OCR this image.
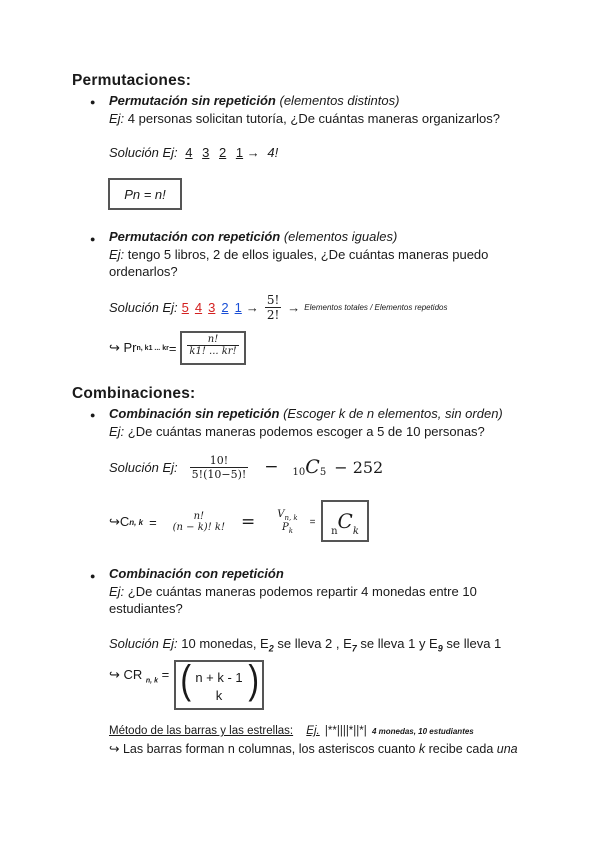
Permutaciones:
● Permutación sin repetición (elementos distintos)
Ej: 4 personas solicitan tutoría, ¿De cuántas maneras organizarlos?
Solución Ej: 4 3 2 1 → 4!
Pn = n!
● Permutación con repetición (elementos iguales)
Ej: tengo 5 libros, 2 de ellos iguales, ¿De cuántas maneras puedo
ordenarlos?
Solución Ej: 5 4 3 2 $1 \to \frac{5!}{2!}$ → Elementos totales / Elementos repetidos
↪ Pr n, k1 ... kr = $\frac{n!}{k1! ... kr!}$
Combinaciones:
● Combinación sin repetición (Escoger k de n elementos, sin orden)
Ej: ¿De cuántas maneras podemos escoger a 5 de 10 personas?
Solución Ej: $\frac{10!}{5!(10-5)!} - 10$ C 5 − 252
↪C n, k =	n!
(n − k)! k! = $V_{n, k}$
$P_k$
=
$_nC_k$
● Combinación con repetición
Ej: ¿De cuántas maneras podemos repartir 4 monedas entre 10
estudiantes?
Solución Ej: 10 monedas, $E_2$ se lleva 2 , $E_7$ se lleva 1 y $E_9$ se lleva 1
↪ CR $_{n, k}$ = ( n + k - 1
k )
Método de las barras y las estrellas: Ej. |**||||*||*| 4 monedas, 10 estudiantes
↪ Las barras forman n columnas, los asteriscos cuanto k recibe cada una
